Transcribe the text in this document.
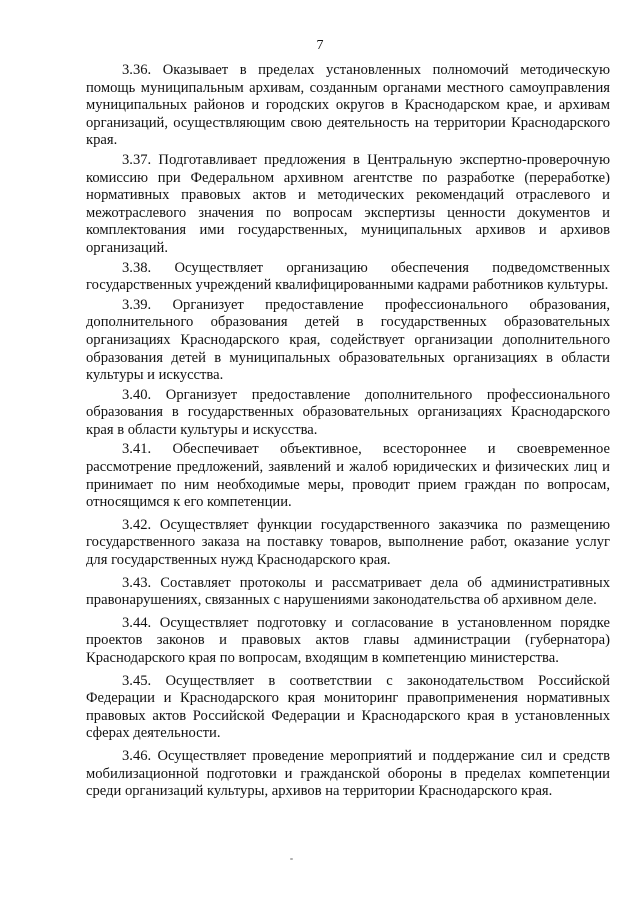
7

3.36. Оказывает в пределах установленных полномочий методическую помощь муниципальным архивам, созданным органами местного самоуправления муниципальных районов и городских округов в Краснодарском крае, и архивам организаций, осуществляющим свою деятельность на территории Краснодарского края.

3.37. Подготавливает предложения в Центральную экспертно-проверочную комиссию при Федеральном архивном агентстве по разработке (переработке) нормативных правовых актов и методических рекомендаций отраслевого и межотраслевого значения по вопросам экспертизы ценности документов и комплектования ими государственных, муниципальных архивов и архивов организаций.

3.38. Осуществляет организацию обеспечения подведомственных государственных учреждений квалифицированными кадрами работников культуры.

3.39. Организует предоставление профессионального образования, дополнительного образования детей в государственных образовательных организациях Краснодарского края, содействует организации дополнительного образования детей в муниципальных образовательных организациях в области культуры и искусства.

3.40. Организует предоставление дополнительного профессионального образования в государственных образовательных организациях Краснодарского края в области культуры и искусства.

3.41. Обеспечивает объективное, всестороннее и своевременное рассмотрение предложений, заявлений и жалоб юридических и физических лиц и принимает по ним необходимые меры, проводит прием граждан по вопросам, относящимся к его компетенции.

3.42. Осуществляет функции государственного заказчика по размещению государственного заказа на поставку товаров, выполнение работ, оказание услуг для государственных нужд Краснодарского края.

3.43. Составляет протоколы и рассматривает дела об административных правонарушениях, связанных с нарушениями законодательства об архивном деле.

3.44. Осуществляет подготовку и согласование в установленном порядке проектов законов и правовых актов главы администрации (губернатора) Краснодарского края по вопросам, входящим в компетенцию министерства.

3.45. Осуществляет в соответствии с законодательством Российской Федерации и Краснодарского края мониторинг правоприменения нормативных правовых актов Российской Федерации и Краснодарского края в установленных сферах деятельности.

3.46. Осуществляет проведение мероприятий и поддержание сил и средств мобилизационной подготовки и гражданской обороны в пределах компетенции среди организаций культуры, архивов на территории Краснодарского края.
